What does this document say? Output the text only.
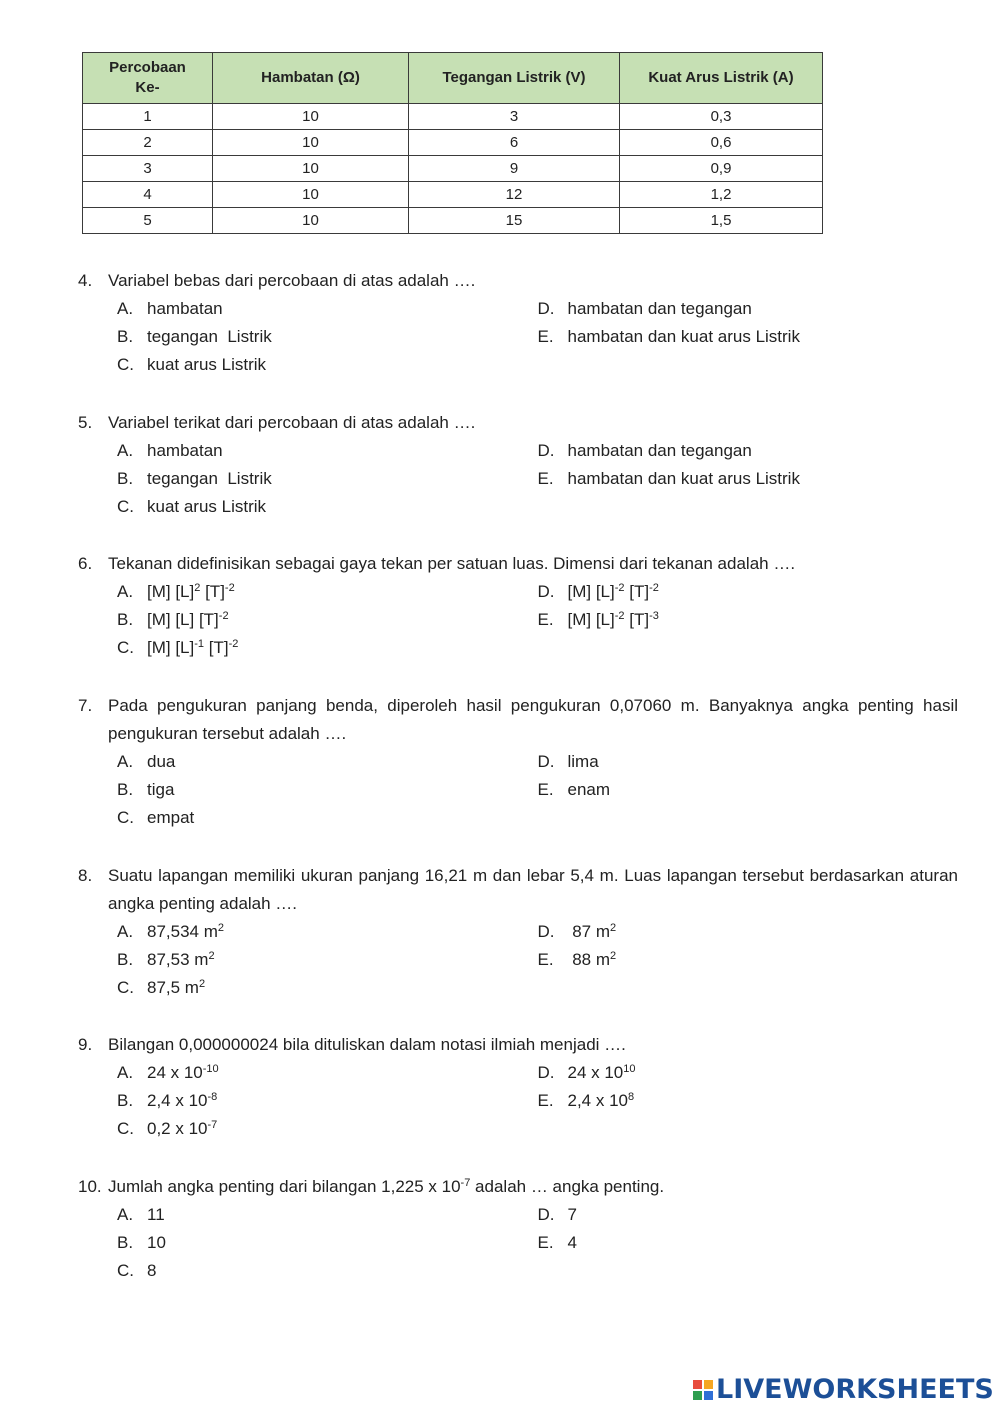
Percobaan Ke-	Hambatan (Ω)	Tegangan Listrik (V)	Kuat Arus Listrik (A)
1	10	3	0,3
2	10	6	0,6
3	10	9	0,9
4	10	12	1,2
5	10	15	1,5
4. Variabel bebas dari percobaan di atas adalah ….
A. hambatan	D. hambatan dan tegangan
B. tegangan  Listrik	E. hambatan dan kuat arus Listrik
C. kuat arus Listrik
5. Variabel terikat dari percobaan di atas adalah ….
A. hambatan	D. hambatan dan tegangan
B. tegangan  Listrik	E. hambatan dan kuat arus Listrik
C. kuat arus Listrik
6. Tekanan didefinisikan sebagai gaya tekan per satuan luas. Dimensi dari tekanan adalah ….
A. [M] $[L]^2$ $[T]^{-2}$	D. [M] $[L]^{-2}$ $[T]^{-2}$
B. [M] [L] $[T]^{-2}$	E. [M] $[L]^{-2}$ $[T]^{-3}$
C. [M] $[L]^{-1}$ $[T]^{-2}$
7. Pada pengukuran panjang benda, diperoleh hasil pengukuran 0,07060 m. Banyaknya angka penting hasil pengukuran tersebut adalah ….
A. dua	D. lima
B. tiga	E. enam
C. empat
8. Suatu lapangan memiliki ukuran panjang 16,21 m dan lebar 5,4 m. Luas lapangan tersebut berdasarkan aturan angka penting adalah ….
A. 87,534 $m^2$	D. 87 $m^2$
B. 87,53 $m^2$	E. 88 $m^2$
C. 87,5 $m^2$
9. Bilangan 0,000000024 bila dituliskan dalam notasi ilmiah menjadi ….
A. 24 x $10^{-10}$	D. 24 x $10^{10}$
B. 2,4 x $10^{-8}$	E. 2,4 x $10^8$
C. 0,2 x $10^{-7}$
10. Jumlah angka penting dari bilangan 1,225 x $10^{-7}$ adalah … angka penting.
A. 11	D. 7
B. 10	E. 4
C. 8
LIVEWORKSHEETS
